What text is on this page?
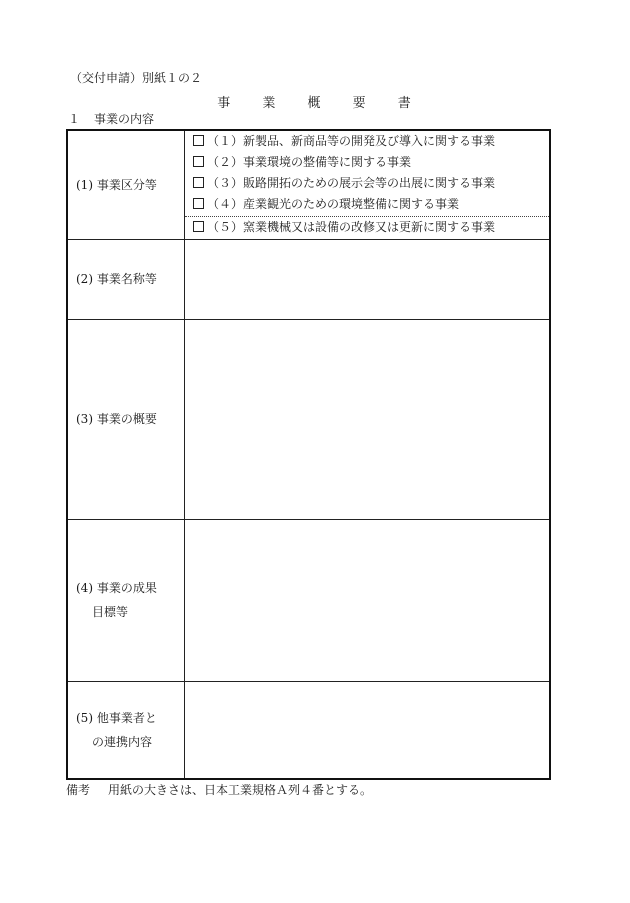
（交付申請）別紙１の２
事 業 概 要 書
１ 事業の内容
(1) 事業区分等
（１）新製品、新商品等の開発及び導入に関する事業
（２）事業環境の整備等に関する事業
（３）販路開拓のための展示会等の出展に関する事業
（４）産業観光のための環境整備に関する事業
（５）窯業機械又は設備の改修又は更新に関する事業
(2) 事業名称等
(3) 事業の概要
(4) 事業の成果
目標等
(5) 他事業者と
の連携内容
備考 用紙の大きさは、日本工業規格Ａ列４番とする。
